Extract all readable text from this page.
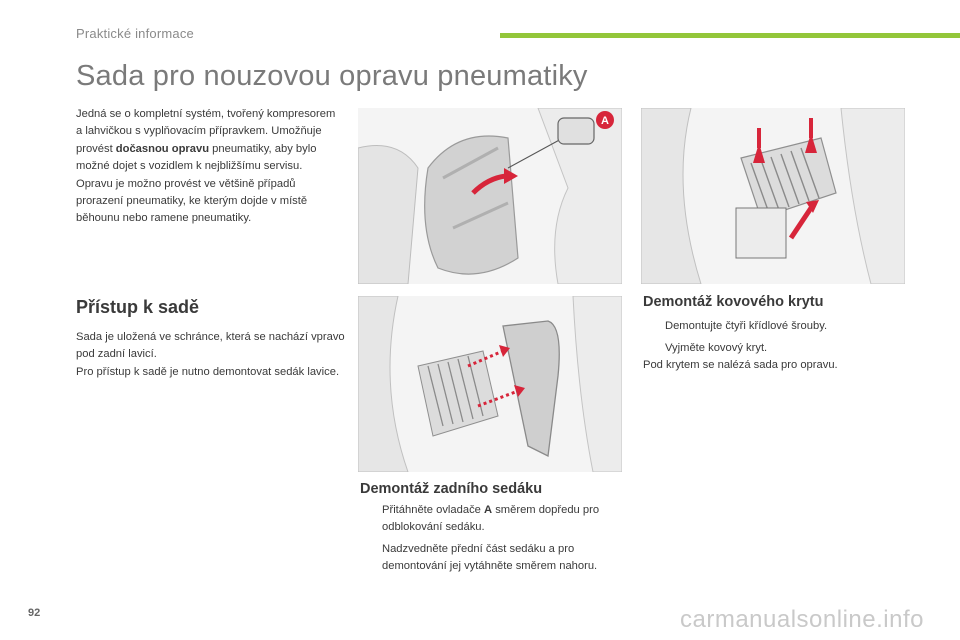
Praktické informace
Sada pro nouzovou opravu pneumatiky

Jedná se o kompletní systém, tvořený kompresorem a lahvičkou s vyplňovacím přípravkem. Umožňuje provést dočasnou opravu pneumatiky, aby bylo možné dojet s vozidlem k nejbližšímu servisu.

Opravu je možno provést ve většině případů prorazení pneumatiky, ke kterým dojde v místě běhounu nebo ramene pneumatiky.

Přístup k sadě

Sada je uložená ve schránce, která se nachází vpravo pod zadní lavicí.

Pro přístup k sadě je nutno demontovat sedák lavice.

A
Demontáž kovového krytu
Demontujte čtyři křídlové šrouby.
Vyjměte kovový kryt.

Pod krytem se nalézá sada pro opravu.

Demontáž zadního sedáku
Přitáhněte ovladače A směrem dopředu pro odblokování sedáku.
Nadzvedněte přední část sedáku a pro demontování jej vytáhněte směrem nahoru.
92	carmanualsonline.info
